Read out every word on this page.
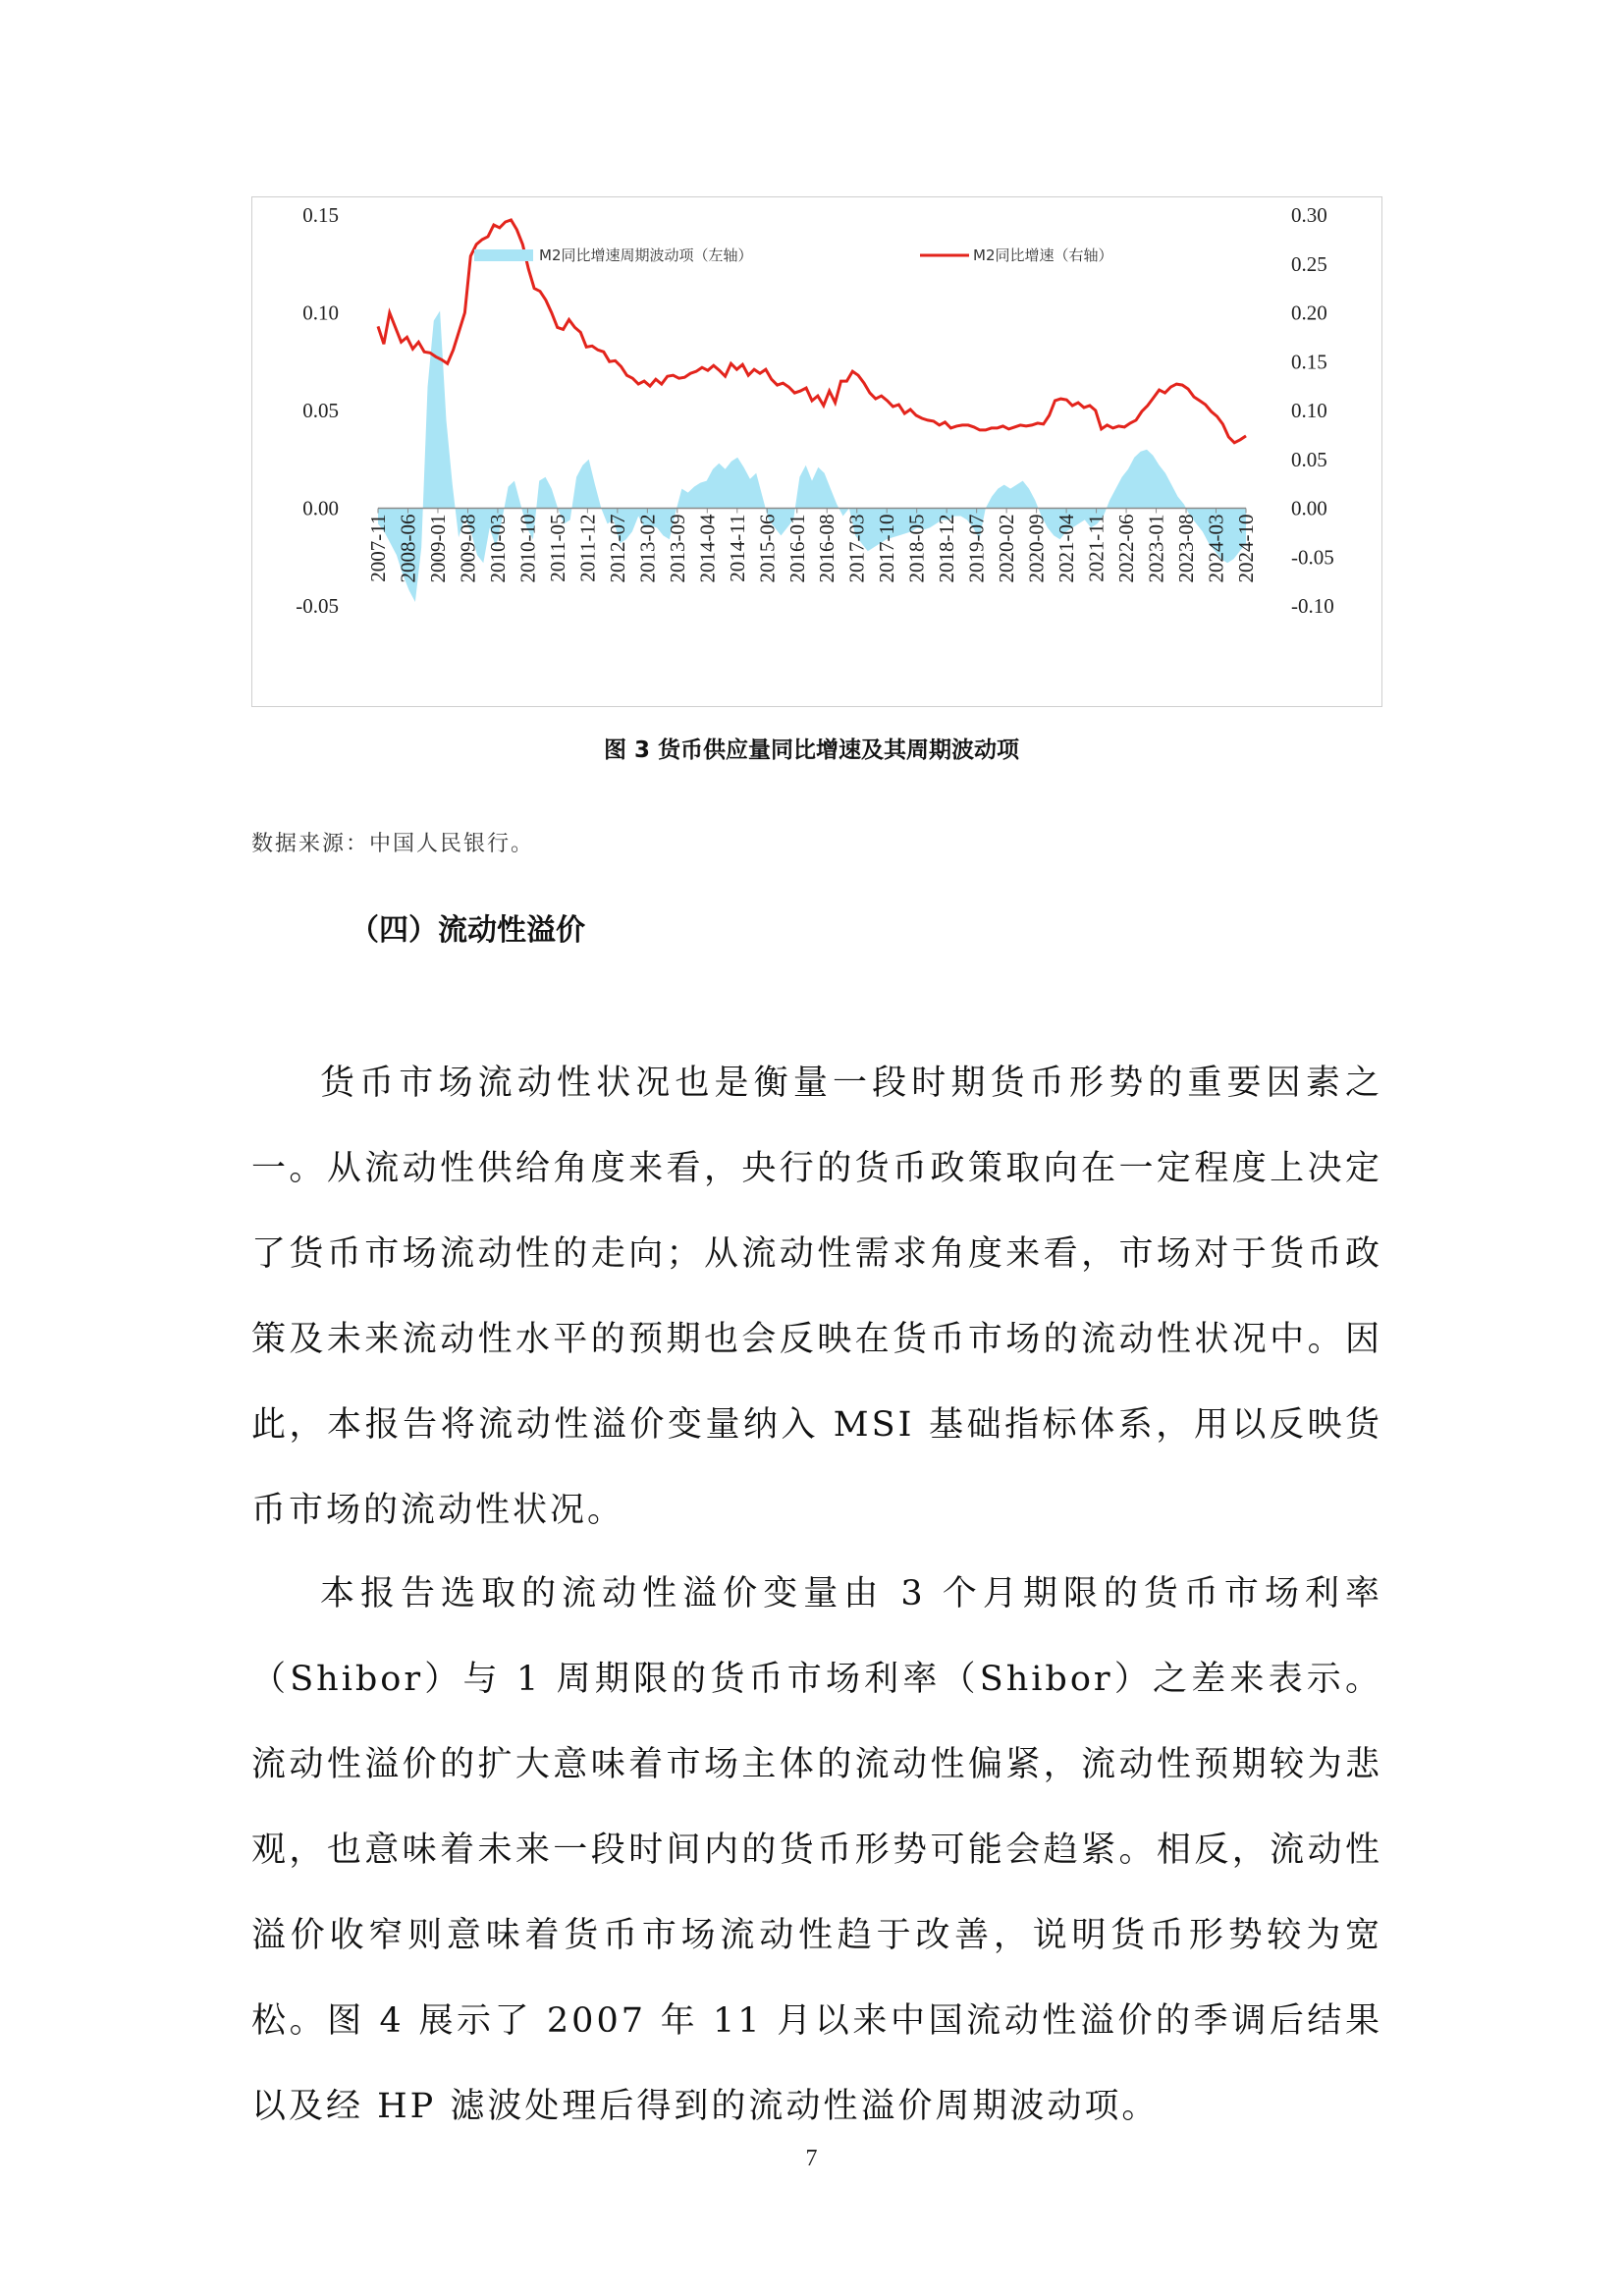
0.15
0.10
0.05
0.00
-0.05
0.30
0.25
0.20
0.15
0.10
0.05
0.00
-0.05
-0.10
2007-11 2008-06 2009-01 2009-08 2010-03 2010-10 2011-05 2011-12 2012-07 2013-02 2013-09 2014-04 2014-11 2015-06 2016-01 2016-08 2017-03 2017-10 2018-05 2018-12 2019-07 2020-02 2020-09 2021-04 2021-11 2022-06 2023-01 2023-08 2024-03 2024-10
M2同比增速周期波动项（左轴）	M2同比增速（右轴）
图 3 货币供应量同比增速及其周期波动项
数据来源：中国人民银行。
（四）流动性溢价

货币市场流动性状况也是衡量一段时期货币形势的重要因素之一。从流动性供给角度来看，央行的货币政策取向在一定程度上决定了货币市场流动性的走向；从流动性需求角度来看，市场对于货币政策及未来流动性水平的预期也会反映在货币市场的流动性状况中。因此，本报告将流动性溢价变量纳入 MSI 基础指标体系，用以反映货币市场的流动性状况。

本报告选取的流动性溢价变量由 3 个月期限的货币市场利率（Shibor）与 1 周期限的货币市场利率（Shibor）之差来表示。流动性溢价的扩大意味着市场主体的流动性偏紧，流动性预期较为悲观，也意味着未来一段时间内的货币形势可能会趋紧。相反，流动性溢价收窄则意味着货币市场流动性趋于改善，说明货币形势较为宽松。图 4 展示了 2007 年 11 月以来中国流动性溢价的季调后结果以及经 HP 滤波处理后得到的流动性溢价周期波动项。

7
